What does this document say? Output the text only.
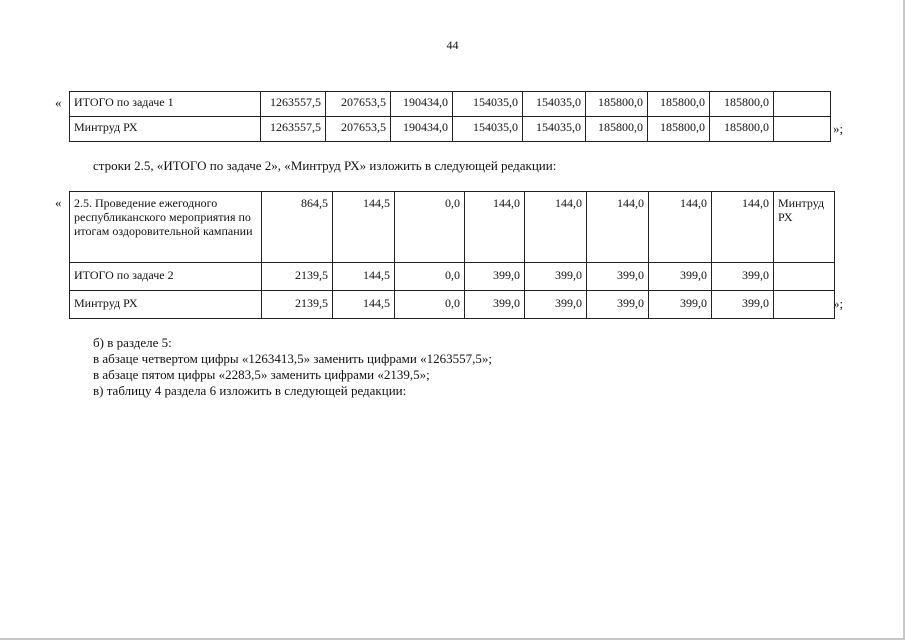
44
« ИТОГО по задаче 1	1263557,5	207653,5	190434,0	154035,0	154035,0	185800,0	185800,0	185800,0	
Минтруд РХ	1263557,5	207653,5	190434,0	154035,0	154035,0	185800,0	185800,0	185800,0		»;
строки 2.5, «ИТОГО по задаче 2», «Минтруд РХ» изложить в следующей редакции:
« 2.5. Проведение ежегодного республиканского мероприятия по итогам оздоровительной кампании	864,5	144,5	0,0	144,0	144,0	144,0	144,0	144,0	Минтруд РХ
ИТОГО по задаче 2	2139,5	144,5	0,0	399,0	399,0	399,0	399,0	399,0	
Минтруд РХ	2139,5	144,5	0,0	399,0	399,0	399,0	399,0	399,0		»;
б) в разделе 5:
в абзаце четвертом цифры «1263413,5» заменить цифрами «1263557,5»;
в абзаце пятом цифры «2283,5» заменить цифрами «2139,5»;
в) таблицу 4 раздела 6 изложить в следующей редакции:
